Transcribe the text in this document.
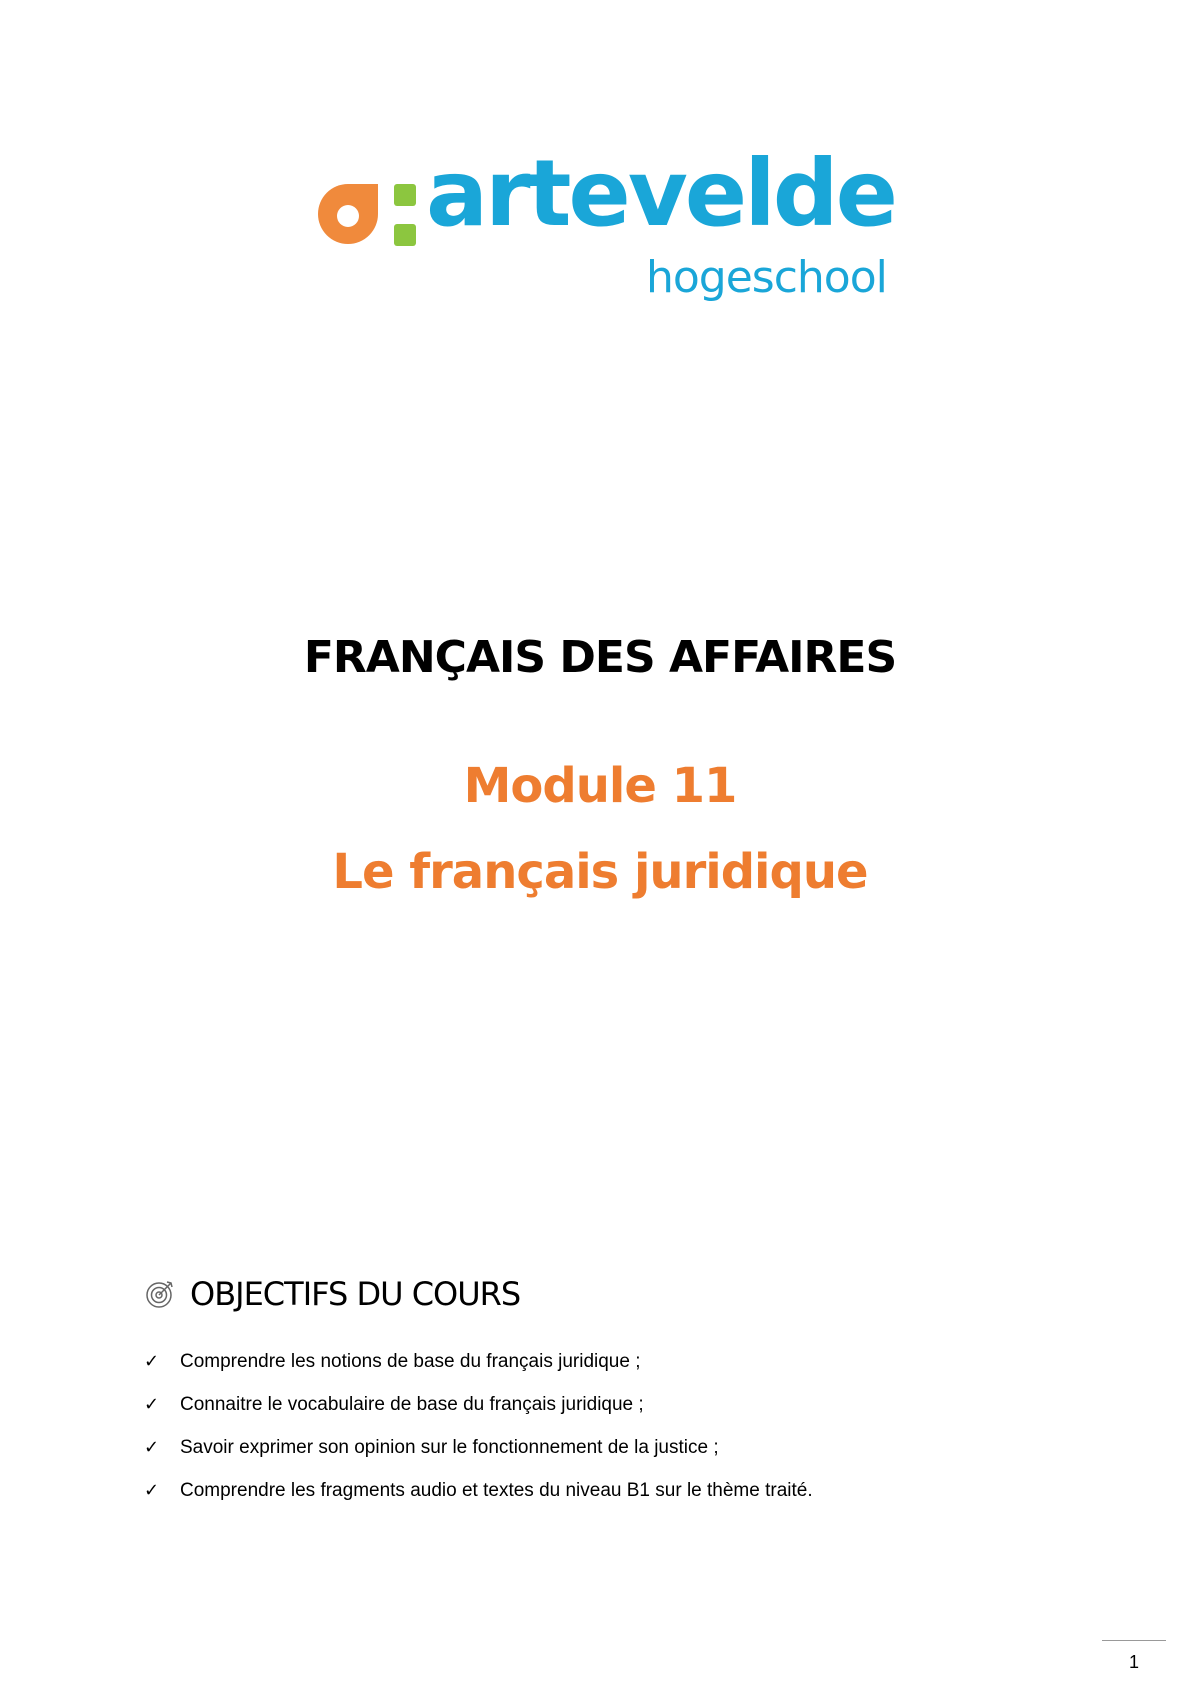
artevelde
hogeschool
FRANÇAIS DES AFFAIRES
Module 11
Le français juridique
OBJECTIFS DU COURS
✓	Comprendre les notions de base du français juridique ;
✓	Connaitre le vocabulaire de base du français juridique ;
✓	Savoir exprimer son opinion sur le fonctionnement de la justice ;
✓	Comprendre les fragments audio et textes du niveau B1 sur le thème traité.
1
